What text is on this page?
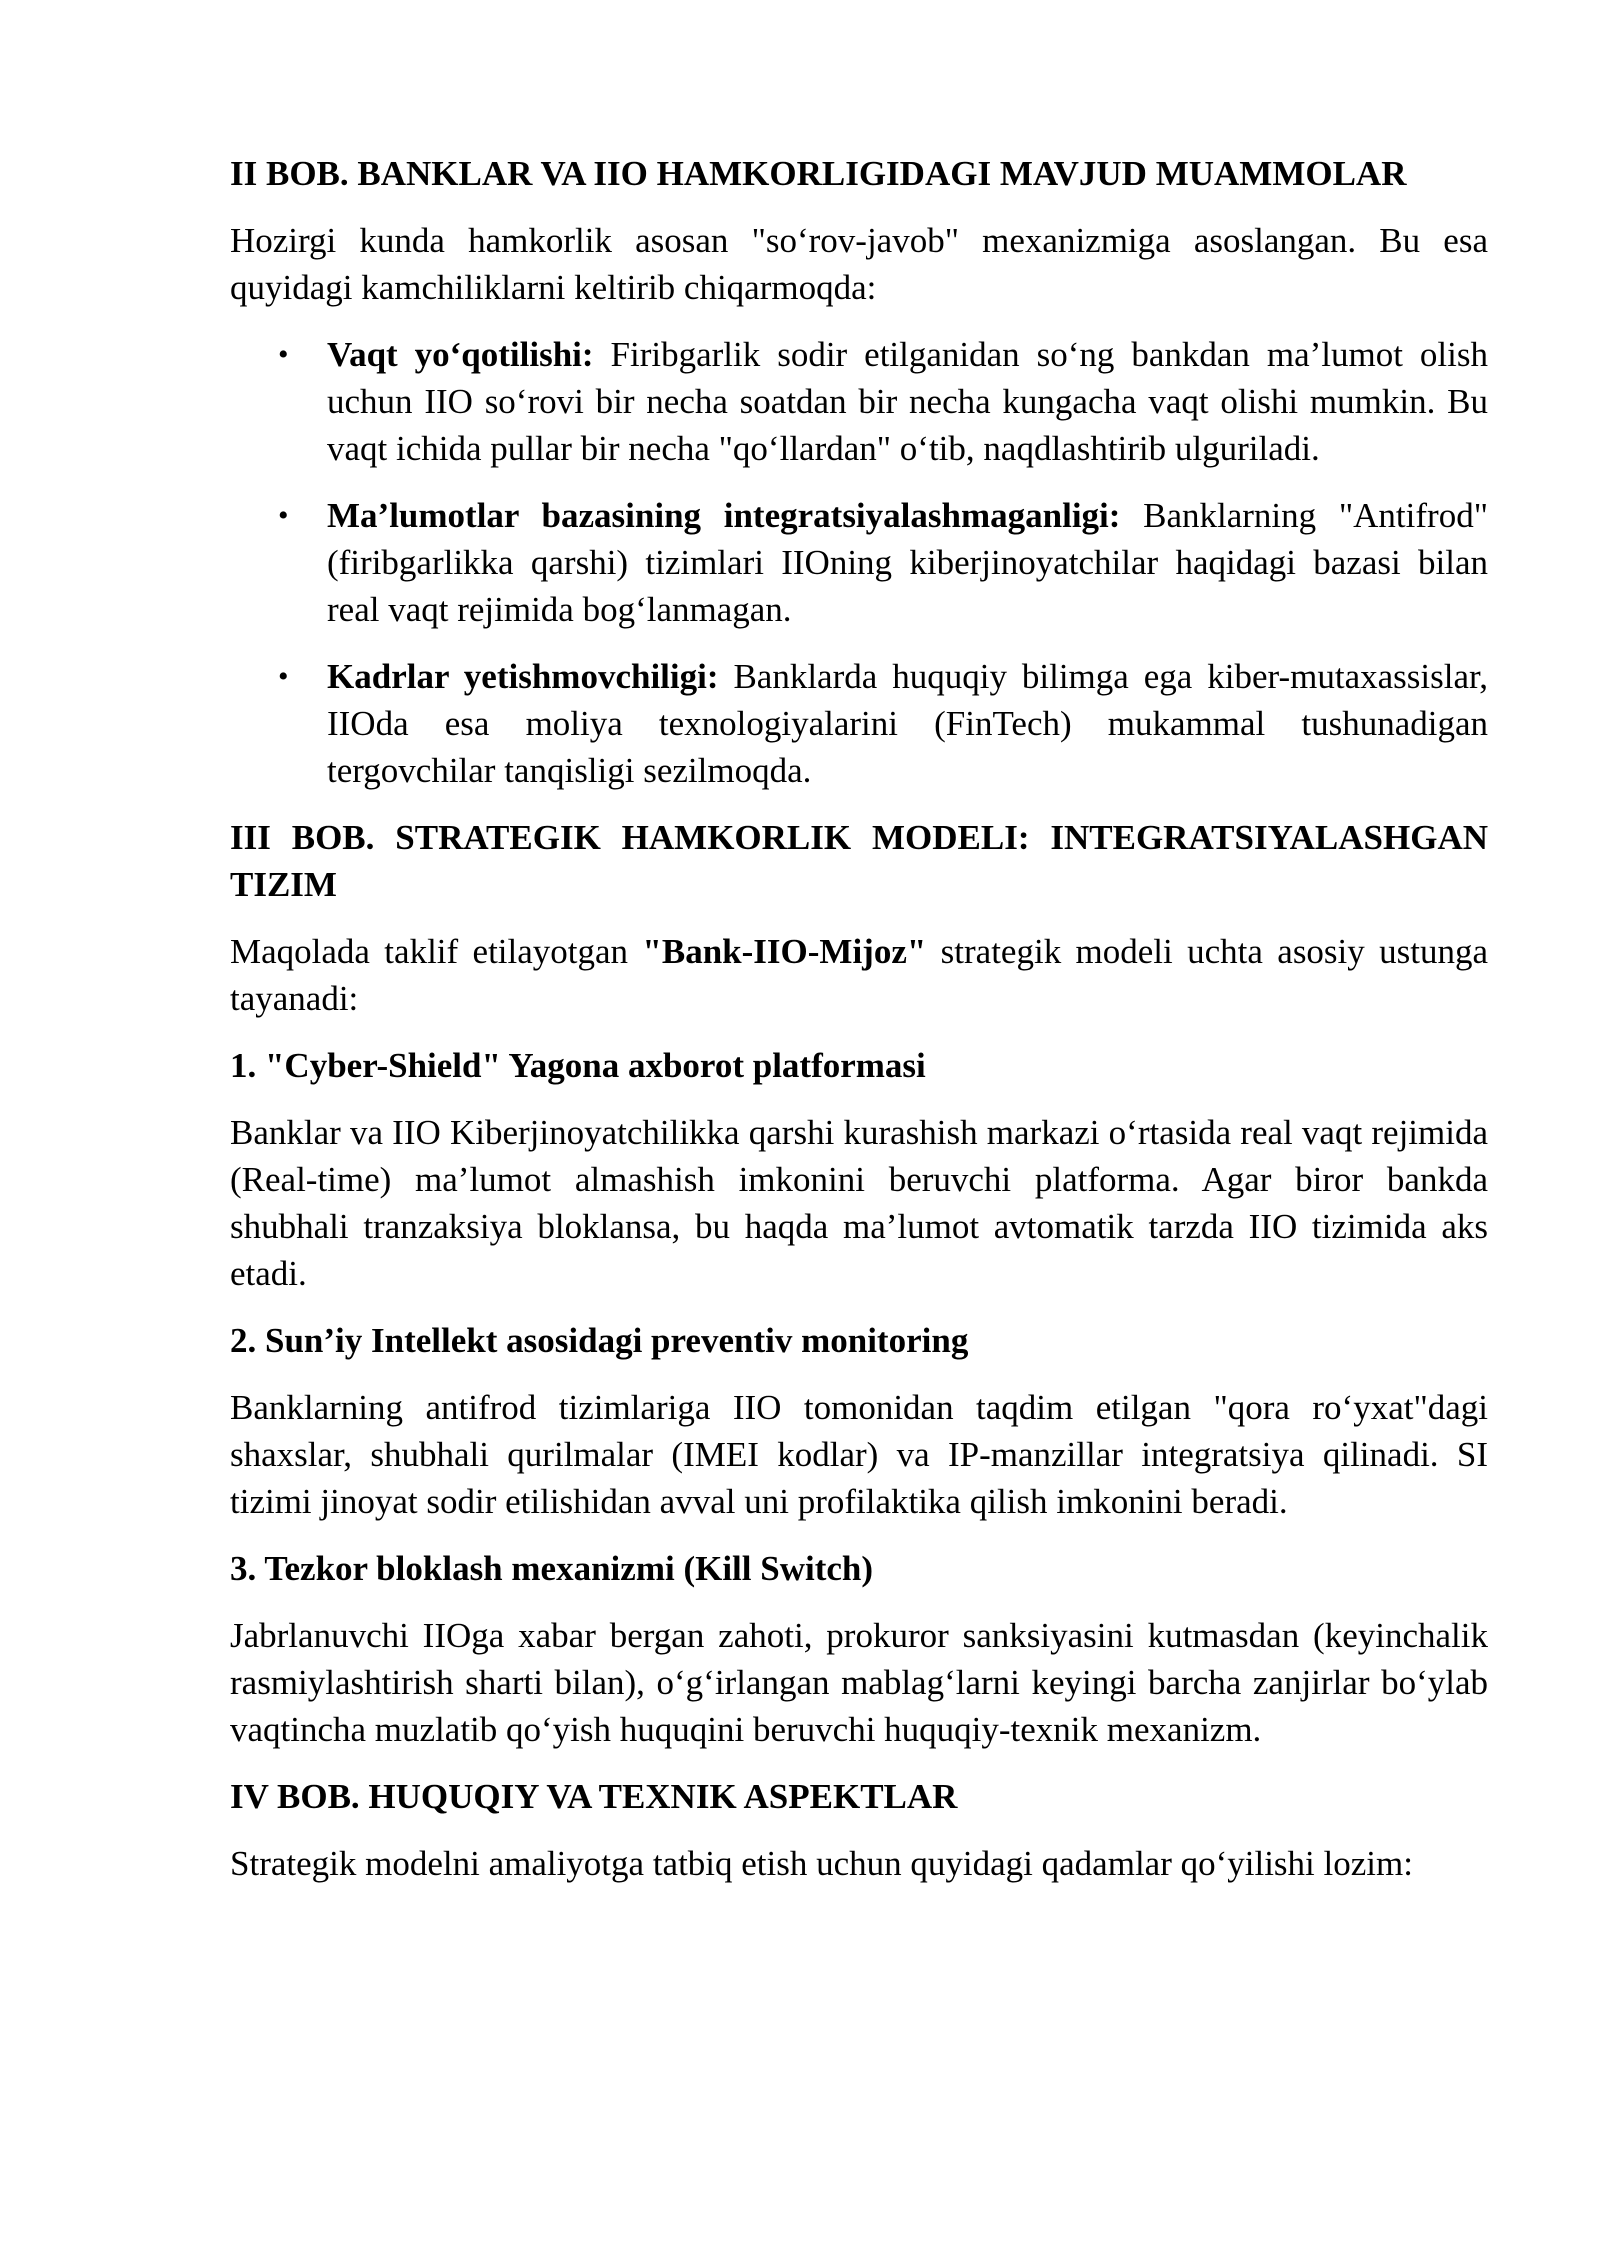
II BOB. BANKLAR VA IIO HAMKORLIGIDAGI MAVJUD MUAMMOLAR
Hozirgi kunda hamkorlik asosan "so‘rov-javob" mexanizmiga asoslangan. Bu esa quyidagi kamchiliklarni keltirib chiqarmoqda:
• Vaqt yo‘qotilishi: Firibgarlik sodir etilganidan so‘ng bankdan ma’lumot olish uchun IIO so‘rovi bir necha soatdan bir necha kungacha vaqt olishi mumkin. Bu vaqt ichida pullar bir necha "qo‘llardan" o‘tib, naqdlashtirib ulguriladi.
• Ma’lumotlar bazasining integratsiyalashmaganligi: Banklarning "Antifrod" (firibgarlikka qarshi) tizimlari IIOning kiberjinoyatchilar haqidagi bazasi bilan real vaqt rejimida bog‘lanmagan.
• Kadrlar yetishmovchiligi: Banklarda huquqiy bilimga ega kiber-mutaxassislar, IIOda esa moliya texnologiyalarini (FinTech) mukammal tushunadigan tergovchilar tanqisligi sezilmoqda.
III BOB. STRATEGIK HAMKORLIK MODELI: INTEGRATSIYALASHGAN TIZIM
Maqolada taklif etilayotgan "Bank-IIO-Mijoz" strategik modeli uchta asosiy ustunga tayanadi:
1. "Cyber-Shield" Yagona axborot platformasi
Banklar va IIO Kiberjinoyatchilikka qarshi kurashish markazi o‘rtasida real vaqt rejimida (Real-time) ma’lumot almashish imkonini beruvchi platforma. Agar biror bankda shubhali tranzaksiya bloklansa, bu haqda ma’lumot avtomatik tarzda IIO tizimida aks etadi.
2. Sun’iy Intellekt asosidagi preventiv monitoring
Banklarning antifrod tizimlariga IIO tomonidan taqdim etilgan "qora ro‘yxat"dagi shaxslar, shubhali qurilmalar (IMEI kodlar) va IP-manzillar integratsiya qilinadi. SI tizimi jinoyat sodir etilishidan avval uni profilaktika qilish imkonini beradi.
3. Tezkor bloklash mexanizmi (Kill Switch)
Jabrlanuvchi IIOga xabar bergan zahoti, prokuror sanksiyasini kutmasdan (keyinchalik rasmiylashtirish sharti bilan), o‘g‘irlangan mablag‘larni keyingi barcha zanjirlar bo‘ylab vaqtincha muzlatib qo‘yish huquqini beruvchi huquqiy-texnik mexanizm.
IV BOB. HUQUQIY VA TEXNIK ASPEKTLAR
Strategik modelni amaliyotga tatbiq etish uchun quyidagi qadamlar qo‘yilishi lozim:
